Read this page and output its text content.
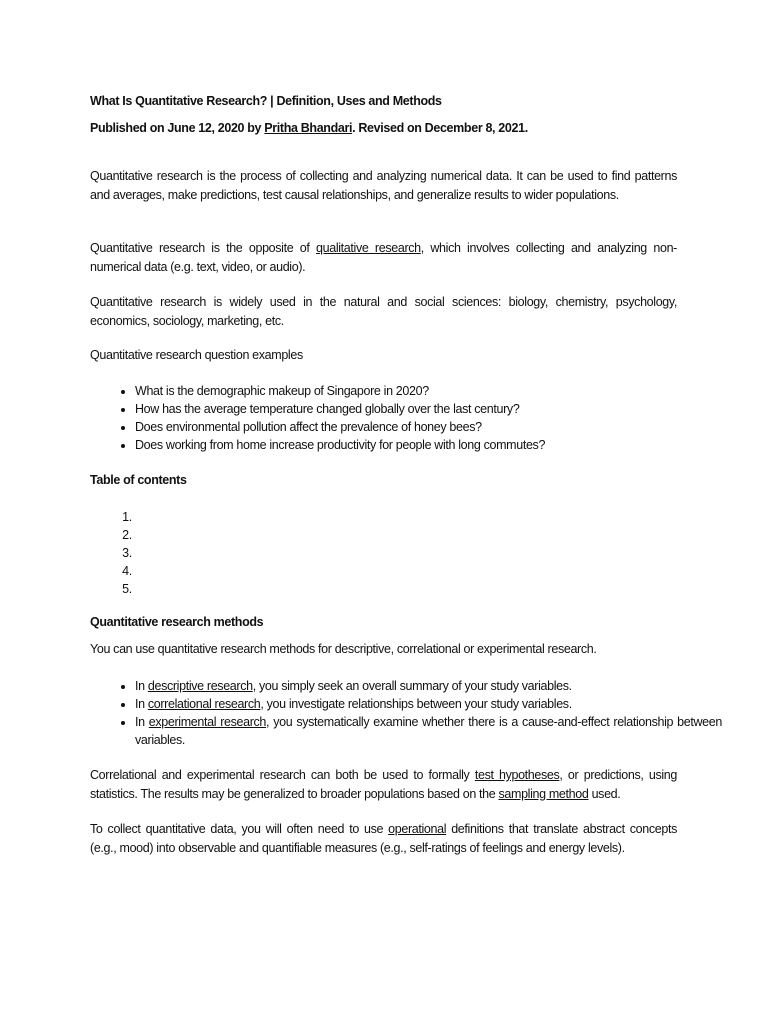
What Is Quantitative Research? | Definition, Uses and Methods
Published on June 12, 2020 by Pritha Bhandari. Revised on December 8, 2021.

Quantitative research is the process of collecting and analyzing numerical data. It can be used to find patterns and averages, make predictions, test causal relationships, and generalize results to wider populations.

Quantitative research is the opposite of qualitative research, which involves collecting and analyzing non-numerical data (e.g. text, video, or audio).

Quantitative research is widely used in the natural and social sciences: biology, chemistry, psychology, economics, sociology, marketing, etc.

Quantitative research question examples

• What is the demographic makeup of Singapore in 2020?
• How has the average temperature changed globally over the last century?
• Does environmental pollution affect the prevalence of honey bees?
• Does working from home increase productivity for people with long commutes?
Table of contents
1.
2.
3.
4.
5.
Quantitative research methods

You can use quantitative research methods for descriptive, correlational or experimental research.

• In descriptive research, you simply seek an overall summary of your study variables.
• In correlational research, you investigate relationships between your study variables.
• In experimental research, you systematically examine whether there is a cause-and-effect relationship between variables.

Correlational and experimental research can both be used to formally test hypotheses, or predictions, using statistics. The results may be generalized to broader populations based on the sampling method used.

To collect quantitative data, you will often need to use operational definitions that translate abstract concepts (e.g., mood) into observable and quantifiable measures (e.g., self-ratings of feelings and energy levels).
